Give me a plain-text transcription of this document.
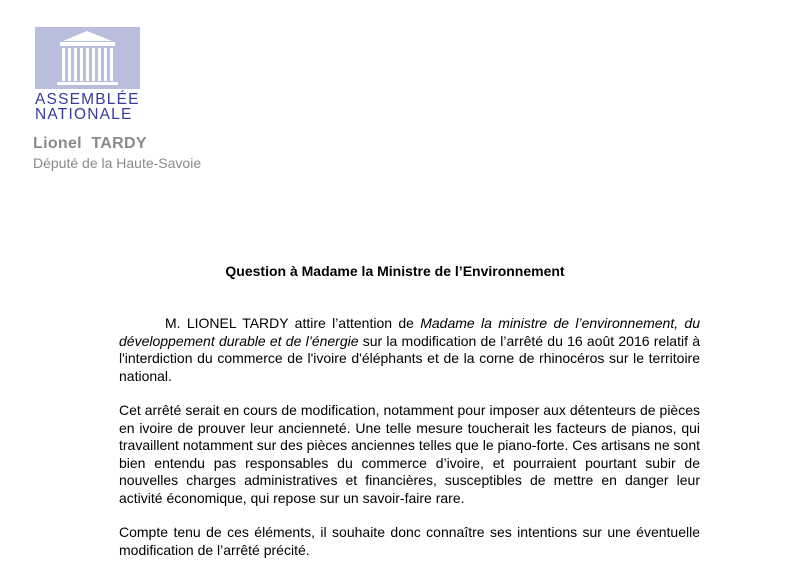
ASSEMBLÉE
NATIONALE
Lionel  TARDY
Député de la Haute-Savoie
Question à Madame la Ministre de l’Environnement

M. LIONEL TARDY attire l’attention de Madame la ministre de l’environnement, du développement durable et de l’énergie sur la modification de l’arrêté du 16 août 2016 relatif à l'interdiction du commerce de l'ivoire d'éléphants et de la corne de rhinocéros sur le territoire national.

Cet arrêté serait en cours de modification, notamment pour imposer aux détenteurs de pièces en ivoire de prouver leur ancienneté. Une telle mesure toucherait les facteurs de pianos, qui travaillent notamment sur des pièces anciennes telles que le piano-forte. Ces artisans ne sont bien entendu pas responsables du commerce d’ivoire, et pourraient pourtant subir de nouvelles charges administratives et financières, susceptibles de mettre en danger leur activité économique, qui repose sur un savoir-faire rare.

Compte tenu de ces éléments, il souhaite donc connaître ses intentions sur une éventuelle modification de l’arrêté précité.
